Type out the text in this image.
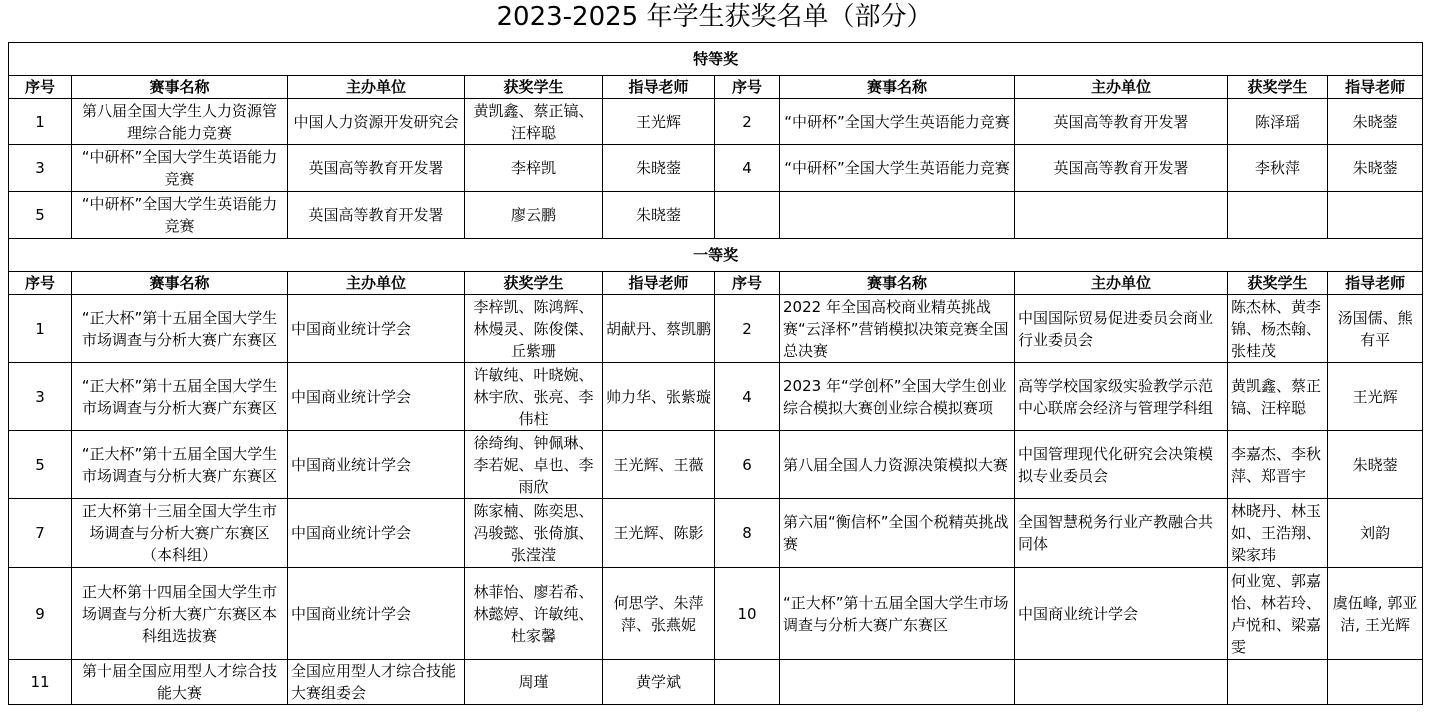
2023-2025 年学生获奖名单（部分）
特等奖									
序号	赛事名称	主办单位	获奖学生	指导老师	序号	赛事名称	主办单位	获奖学生	指导老师
1	第八届全国大学生人力资源管理综合能力竞赛	中国人力资源开发研究会	黄凯鑫、蔡正镐、汪梓聪	王光辉	2	“中研杯”全国大学生英语能力竞赛	英国高等教育开发署	陈泽瑶	朱晓蓥
3	“中研杯”全国大学生英语能力竞赛	英国高等教育开发署	李梓凯	朱晓蓥	4	“中研杯”全国大学生英语能力竞赛	英国高等教育开发署	李秋萍	朱晓蓥
5	“中研杯”全国大学生英语能力竞赛	英国高等教育开发署	廖云鹏	朱晓蓥					
一等奖									
序号	赛事名称	主办单位	获奖学生	指导老师	序号	赛事名称	主办单位	获奖学生	指导老师
1	“正大杯”第十五届全国大学生市场调查与分析大赛广东赛区	中国商业统计学会	李梓凯、陈鸿辉、林熳灵、陈俊傑、丘紫珊	胡献丹、蔡凯鹏	2	2022 年全国高校商业精英挑战赛“云泽杯”营销模拟决策竞赛全国总决赛	中国国际贸易促进委员会商业行业委员会	陈杰林、黄李锦、杨杰翰、张桂茂	汤国儒、熊有平
3	“正大杯”第十五届全国大学生市场调查与分析大赛广东赛区	中国商业统计学会	许敏纯、叶晓婉、林宇欣、张亮、李伟柱	帅力华、张紫璇	4	2023 年“学创杯”全国大学生创业综合模拟大赛创业综合模拟赛项	高等学校国家级实验教学示范中心联席会经济与管理学科组	黄凯鑫、蔡正镐、汪梓聪	王光辉
5	“正大杯”第十五届全国大学生市场调查与分析大赛广东赛区	中国商业统计学会	徐绮绚、钟佩琳、李若妮、卓也、李雨欣	王光辉、王薇	6	第八届全国人力资源决策模拟大赛	中国管理现代化研究会决策模拟专业委员会	李嘉杰、李秋萍、郑晋宇	朱晓蓥
7	正大杯第十三届全国大学生市场调查与分析大赛广东赛区（本科组）	中国商业统计学会	陈家楠、陈奕思、冯骏懿、张倚旗、张滢滢	王光辉、陈影	8	第六届“衡信杯”全国个税精英挑战赛	全国智慧税务行业产教融合共同体	林晓丹、林玉如、王浩翔、梁家玮	刘韵
9	正大杯第十四届全国大学生市场调查与分析大赛广东赛区本科组选拔赛	中国商业统计学会	林菲怡、廖若希、林懿婷、许敏纯、杜家馨	何思学、朱萍萍、张燕妮	10	“正大杯”第十五届全国大学生市场调查与分析大赛广东赛区	中国商业统计学会	何业宽、郭嘉怡、林若玲、卢悦和、梁嘉雯	虞伍峰, 郭亚洁, 王光辉
11	第十届全国应用型人才综合技能大赛	全国应用型人才综合技能大赛组委会	周瑾	黄学斌					
